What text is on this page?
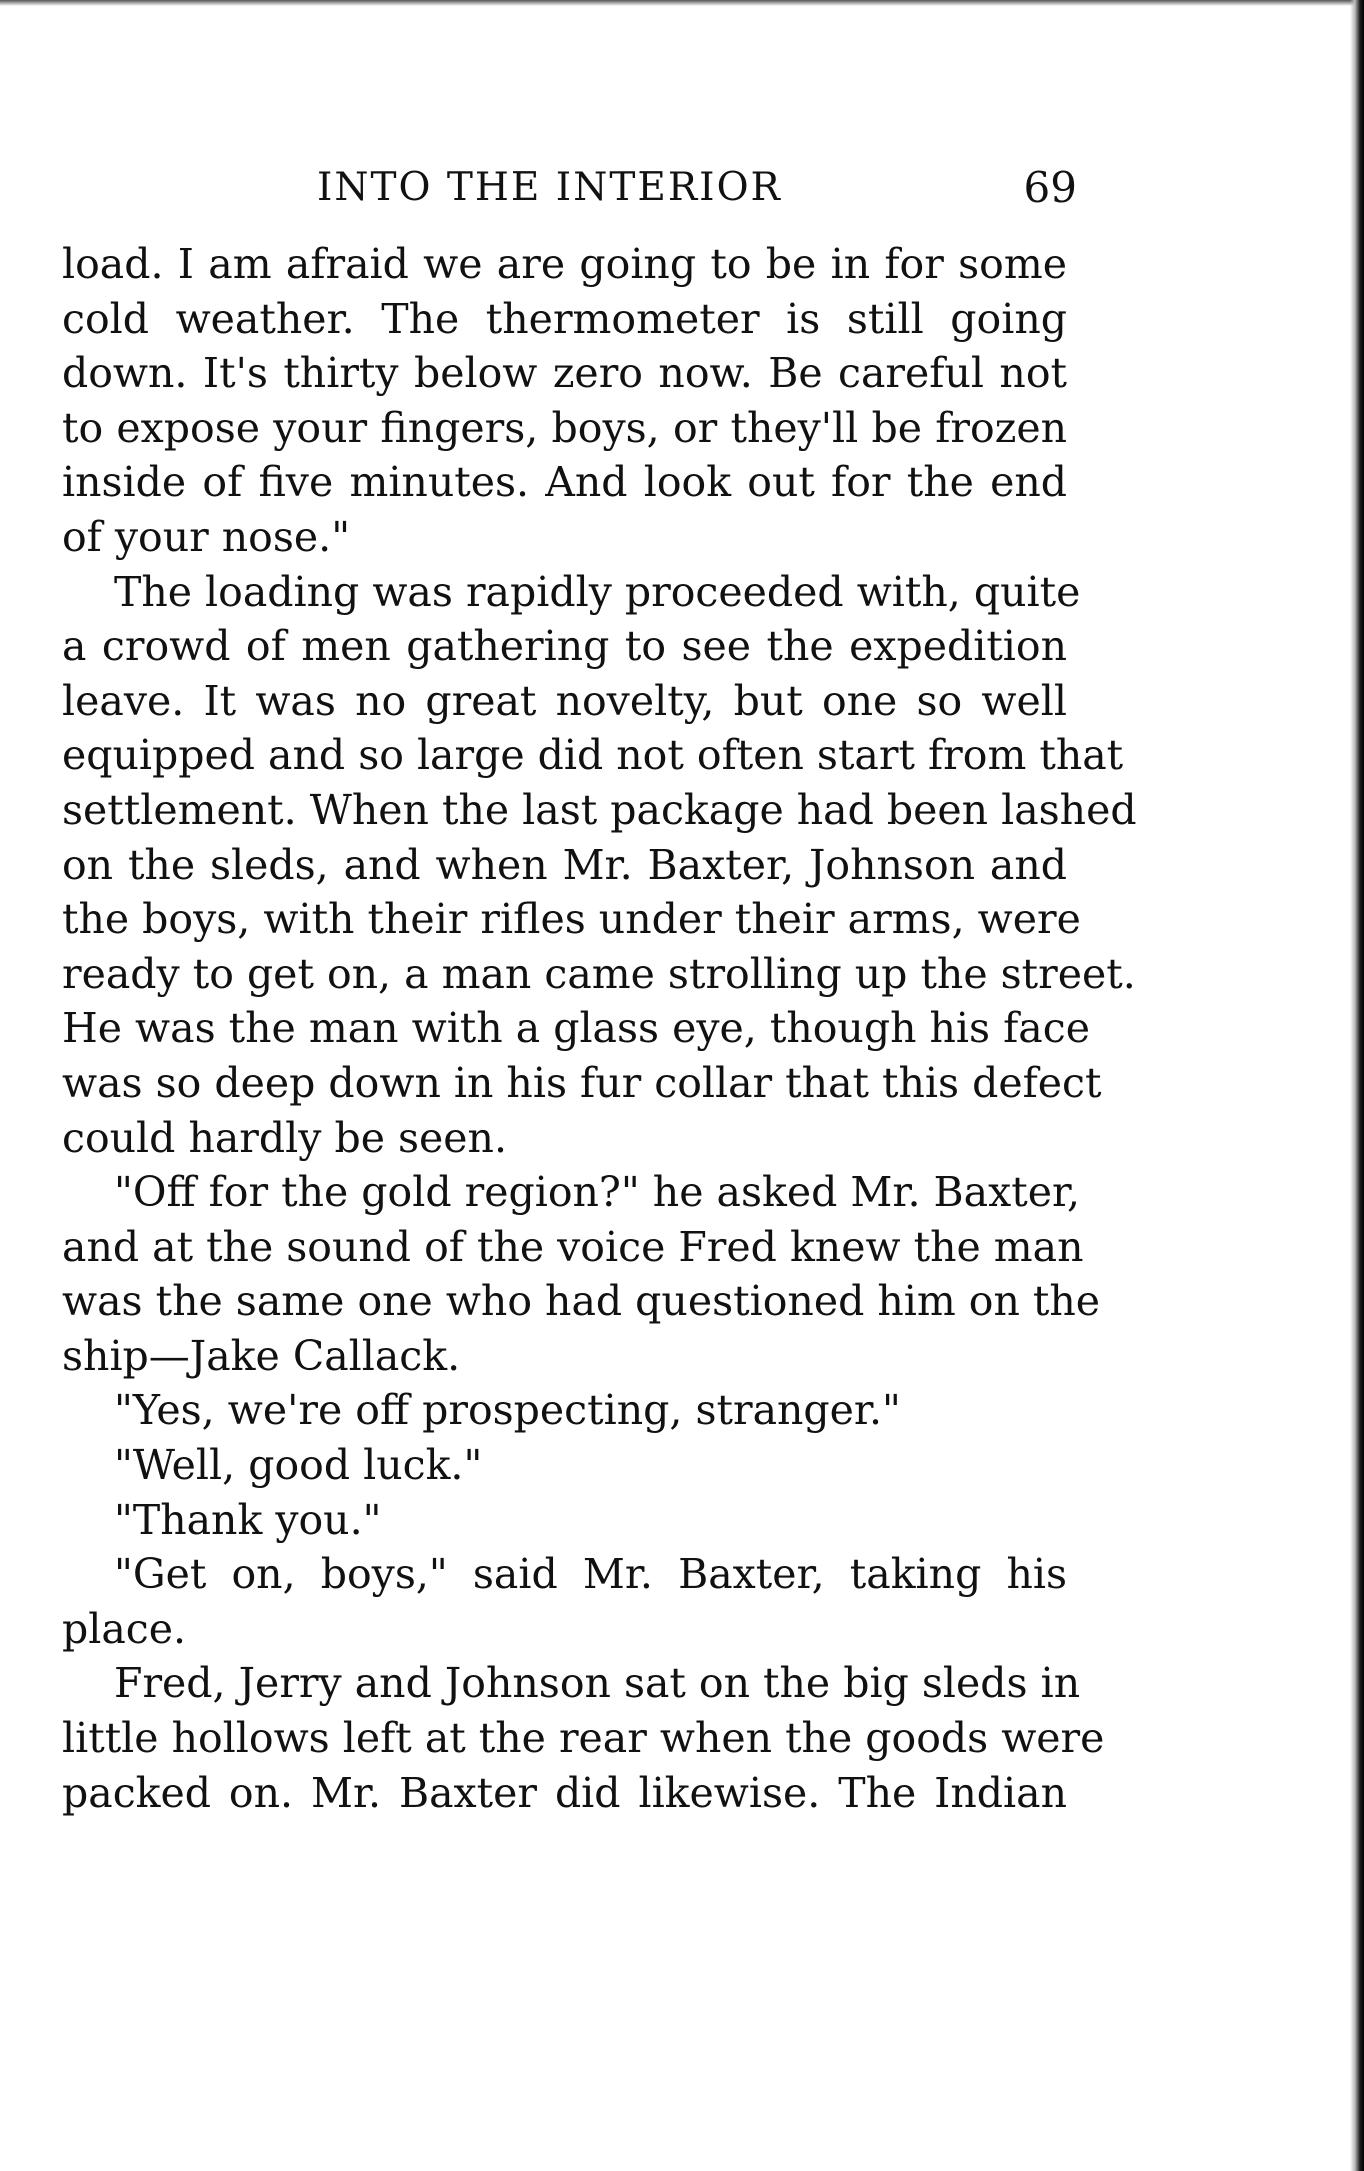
INTO THE INTERIOR	69
load. I am afraid we are going to be in for some
cold weather. The thermometer is still going
down. It's thirty below zero now. Be careful not
to expose your fingers, boys, or they'll be frozen
inside of five minutes. And look out for the end
of your nose."
The loading was rapidly proceeded with, quite
a crowd of men gathering to see the expedition
leave. It was no great novelty, but one so well
equipped and so large did not often start from that
settlement. When the last package had been lashed
on the sleds, and when Mr. Baxter, Johnson and
the boys, with their rifles under their arms, were
ready to get on, a man came strolling up the street.
He was the man with a glass eye, though his face
was so deep down in his fur collar that this defect
could hardly be seen.
"Off for the gold region?" he asked Mr. Baxter,
and at the sound of the voice Fred knew the man
was the same one who had questioned him on the
ship—Jake Callack.
"Yes, we're off prospecting, stranger."
"Well, good luck."
"Thank you."
"Get on, boys," said Mr. Baxter, taking his
place.
Fred, Jerry and Johnson sat on the big sleds in
little hollows left at the rear when the goods were
packed on. Mr. Baxter did likewise. The Indian
